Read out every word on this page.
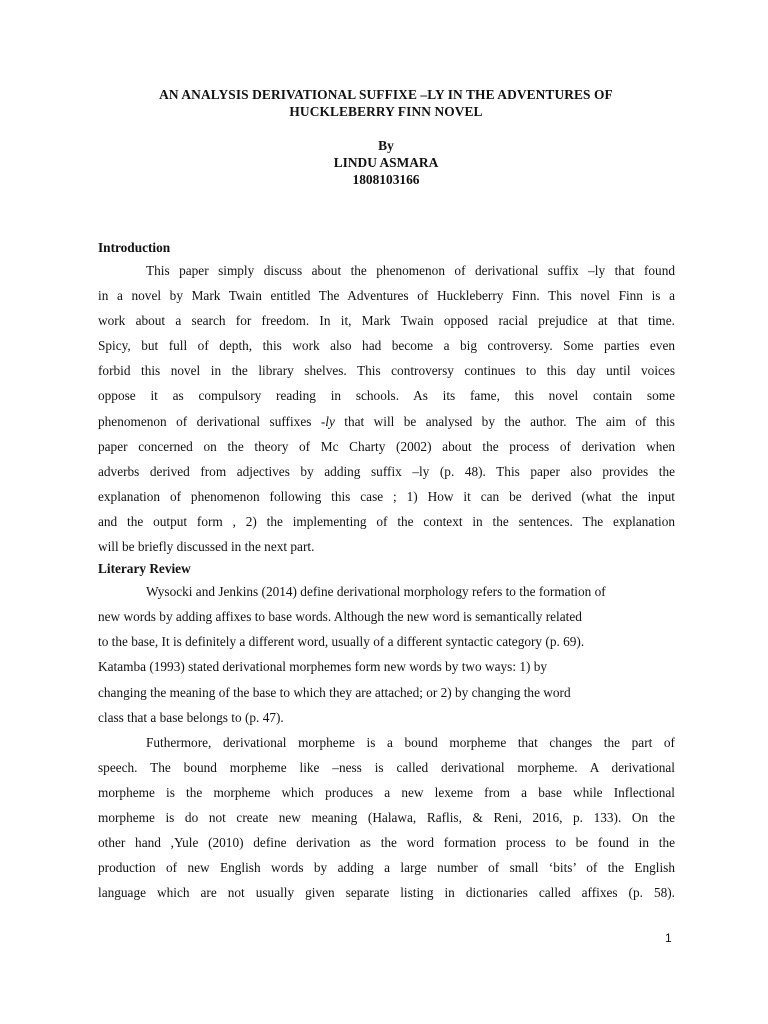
AN ANALYSIS DERIVATIONAL SUFFIXE –LY IN THE ADVENTURES OF
HUCKLEBERRY FINN NOVEL
By
LINDU ASMARA
1808103166
Introduction
This paper simply discuss about the phenomenon of derivational suffix –ly that found
in a novel by Mark Twain entitled The Adventures of Huckleberry Finn. This novel Finn is a
work about a search for freedom. In it, Mark Twain opposed racial prejudice at that time.
Spicy, but full of depth, this work also had become a big controversy. Some parties even
forbid this novel in the library shelves. This controversy continues to this day until voices
oppose it as compulsory reading in schools. As its fame, this novel contain some
phenomenon of derivational suffixes -ly that will be analysed by the author. The aim of this
paper concerned on the theory of Mc Charty (2002) about the process of derivation when
adverbs derived from adjectives by adding suffix –ly (p. 48). This paper also provides the
explanation of phenomenon following this case ; 1) How it can be derived (what the input
and the output form , 2) the implementing of the context in the sentences. The explanation
will be briefly discussed in the next part.
Literary Review
Wysocki and Jenkins (2014) define derivational morphology refers to the formation of
new words by adding affixes to base words. Although the new word is semantically related
to the base, It is definitely a different word, usually of a different syntactic category (p. 69).
Katamba (1993) stated derivational morphemes form new words by two ways: 1) by
changing the meaning of the base to which they are attached; or 2) by changing the word
class that a base belongs to (p. 47).
Futhermore, derivational morpheme is a bound morpheme that changes the part of
speech. The bound morpheme like –ness is called derivational morpheme. A derivational
morpheme is the morpheme which produces a new lexeme from a base while Inflectional
morpheme is do not create new meaning (Halawa, Raflis, & Reni, 2016, p. 133). On the
other hand ,Yule (2010) define derivation as the word formation process to be found in the
production of new English words by adding a large number of small ‘bits’ of the English
language which are not usually given separate listing in dictionaries called affixes (p. 58).
1
